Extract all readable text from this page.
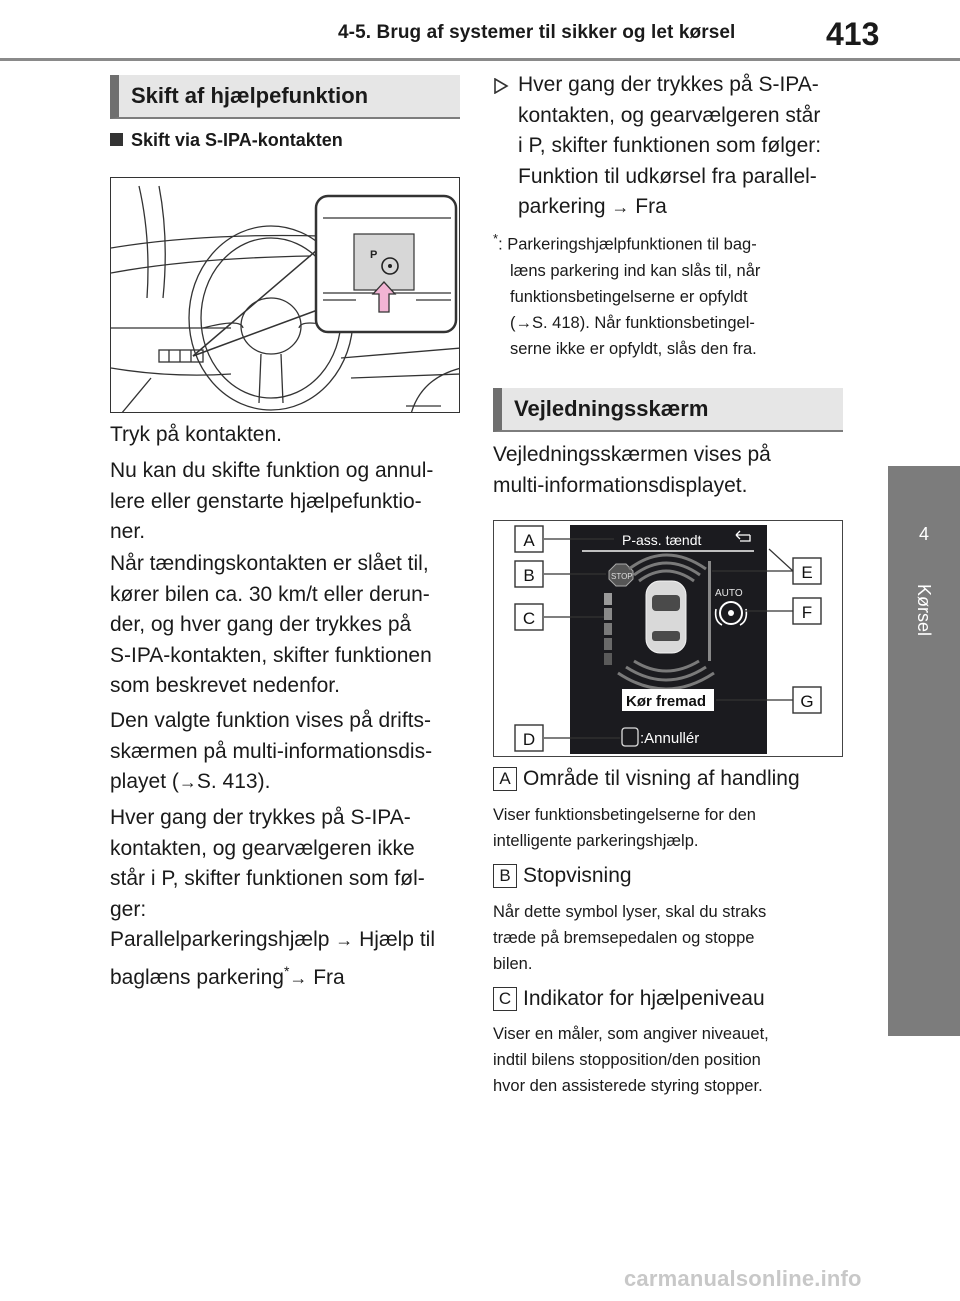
4-5. Brug af systemer til sikker og let kørsel	413
4
Kørsel
Skift af hjælpefunktion
Skift via S-IPA-kontakten
P
Tryk på kontakten.
Nu kan du skifte funktion og annul-
lere eller genstarte hjælpefunktio-
ner.
Når tændingskontakten er slået til,
kører bilen ca. 30 km/t eller derun-
der, og hver gang der trykkes på
S-IPA-kontakten, skifter funktionen
som beskrevet nedenfor.
Den valgte funktion vises på drifts-
skærmen på multi-informationsdis-
playet (→S. 413).
Hver gang der trykkes på S-IPA-
kontakten, og gearvælgeren ikke
står i P, skifter funktionen som føl-
ger:
Parallelparkeringshjælp → Hjælp til
baglæns parkering*→ Fra
Hver gang der trykkes på S-IPA-
kontakten, og gearvælgeren står
i P, skifter funktionen som følger:
Funktion til udkørsel fra parallel-
parkering → Fra
*: Parkeringshjælpfunktionen til bag-
læns parkering ind kan slås til, når
funktionsbetingelserne er opfyldt
(→S. 418). Når funktionsbetingel-
serne ikke er opfyldt, slås den fra.
Vejledningsskærm
Vejledningsskærmen vises på
multi-informationsdisplayet.
P-ass. tændt
STOP
AUTO
Kør fremad
:Annullér
A
B
C
D
E
F
G
A Område til visning af handling
Viser funktionsbetingelserne for den
intelligente parkeringshjælp.
B Stopvisning
Når dette symbol lyser, skal du straks
træde på bremsepedalen og stoppe
bilen.
C Indikator for hjælpeniveau
Viser en måler, som angiver niveauet,
indtil bilens stopposition/den position
hvor den assisterede styring stopper.
carmanualsonline.info
